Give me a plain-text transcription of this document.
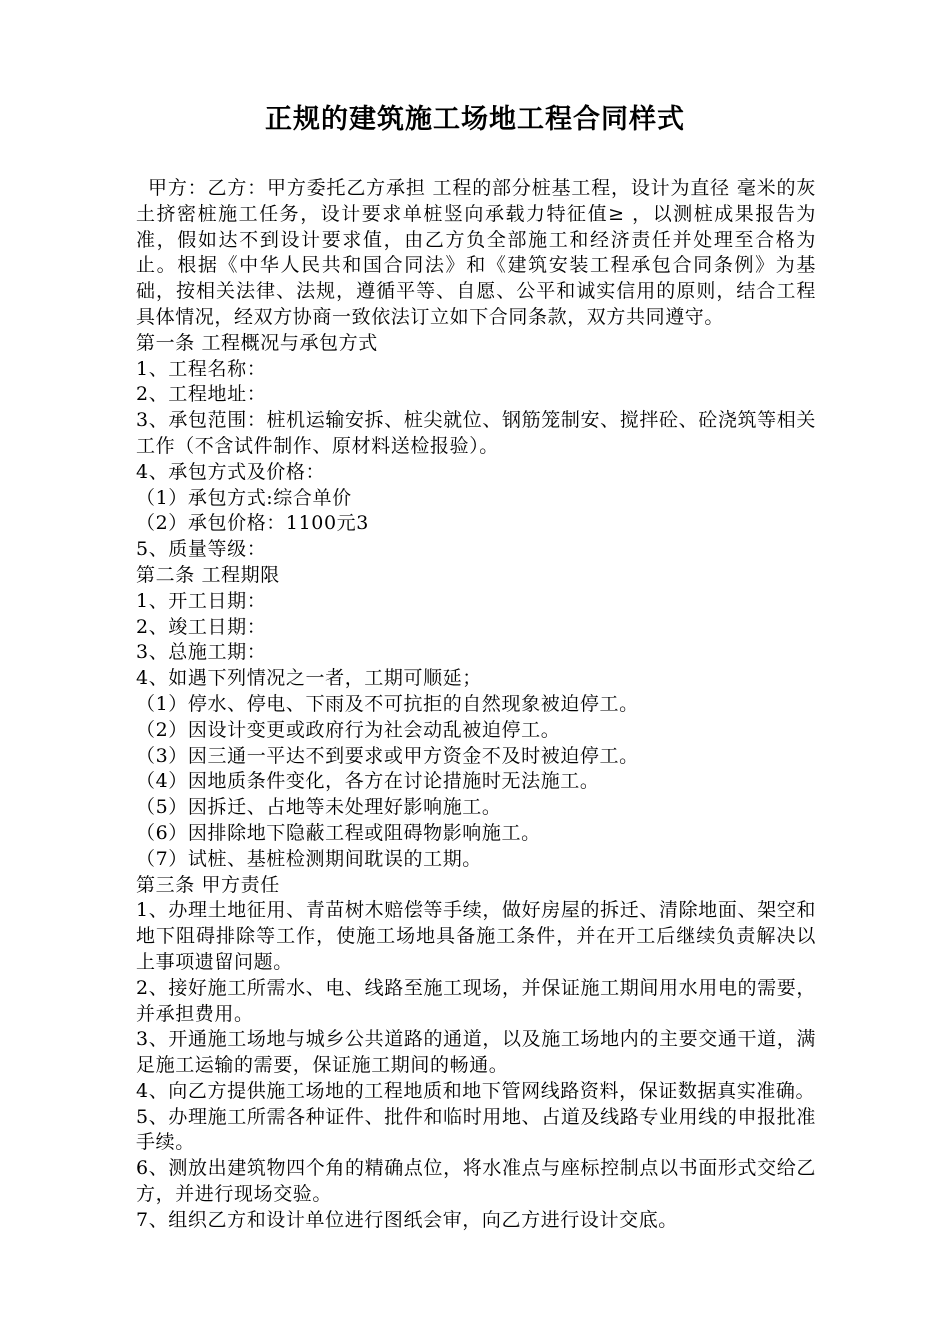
正规的建筑施工场地工程合同样式

甲方：乙方：甲方委托乙方承担 工程的部分桩基工程，设计为直径 毫米的灰土挤密桩施工任务，设计要求单桩竖向承载力特征值≥ ，以测桩成果报告为准，假如达不到设计要求值，由乙方负全部施工和经济责任并处理至合格为止。根据《中华人民共和国合同法》和《建筑安装工程承包合同条例》为基础，按相关法律、法规，遵循平等、自愿、公平和诚实信用的原则，结合工程具体情况，经双方协商一致依法订立如下合同条款，双方共同遵守。

第一条 工程概况与承包方式

1、工程名称：

2、工程地址：

3、承包范围：桩机运输安拆、桩尖就位、钢筋笼制安、搅拌砼、砼浇筑等相关工作（不含试件制作、原材料送检报验）。

4、承包方式及价格：

（1）承包方式:综合单价

（2）承包价格：1100元3

5、质量等级：

第二条 工程期限

1、开工日期：

2、竣工日期：

3、总施工期：

4、如遇下列情况之一者，工期可顺延；

（1）停水、停电、下雨及不可抗拒的自然现象被迫停工。

（2）因设计变更或政府行为社会动乱被迫停工。

（3）因三通一平达不到要求或甲方资金不及时被迫停工。

（4）因地质条件变化，各方在讨论措施时无法施工。

（5）因拆迁、占地等未处理好影响施工。

（6）因排除地下隐蔽工程或阻碍物影响施工。

（7）试桩、基桩检测期间耽误的工期。

第三条 甲方责任

1、办理土地征用、青苗树木赔偿等手续，做好房屋的拆迁、清除地面、架空和地下阻碍排除等工作，使施工场地具备施工条件，并在开工后继续负责解决以上事项遗留问题。

2、接好施工所需水、电、线路至施工现场，并保证施工期间用水用电的需要，并承担费用。

3、开通施工场地与城乡公共道路的通道，以及施工场地内的主要交通干道，满足施工运输的需要，保证施工期间的畅通。

4、向乙方提供施工场地的工程地质和地下管网线路资料，保证数据真实准确。

5、办理施工所需各种证件、批件和临时用地、占道及线路专业用线的申报批准手续。

6、测放出建筑物四个角的精确点位，将水准点与座标控制点以书面形式交给乙方，并进行现场交验。

7、组织乙方和设计单位进行图纸会审，向乙方进行设计交底。
